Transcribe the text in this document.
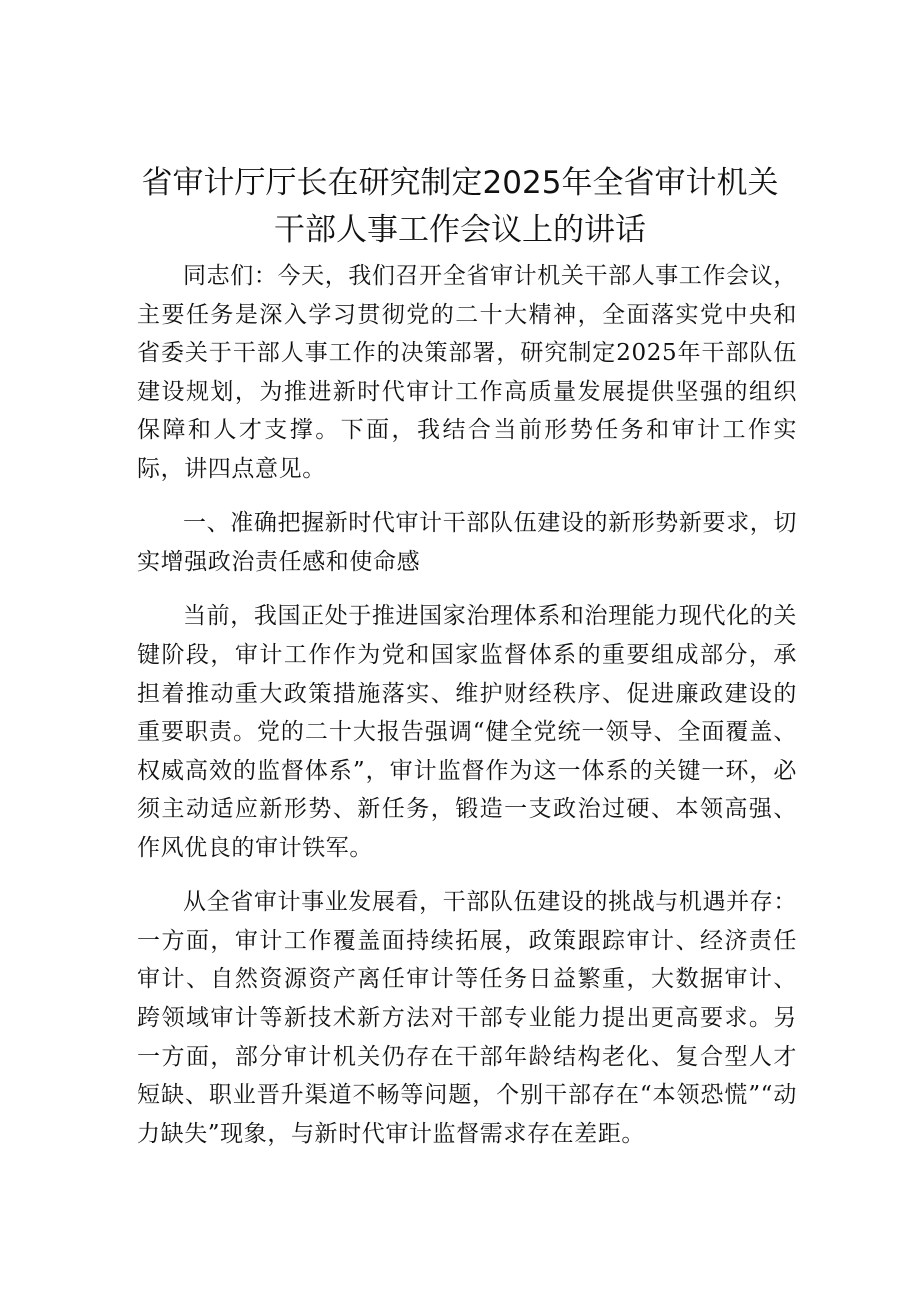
省审计厅厅长在研究制定2025年全省审计机关
干部人事工作会议上的讲话

同志们：今天，我们召开全省审计机关干部人事工作会议，主要任务是深入学习贯彻党的二十大精神，全面落实党中央和省委关于干部人事工作的决策部署，研究制定2025年干部队伍建设规划，为推进新时代审计工作高质量发展提供坚强的组织保障和人才支撑。下面，我结合当前形势任务和审计工作实际，讲四点意见。

一、准确把握新时代审计干部队伍建设的新形势新要求，切实增强政治责任感和使命感

当前，我国正处于推进国家治理体系和治理能力现代化的关键阶段，审计工作作为党和国家监督体系的重要组成部分，承担着推动重大政策措施落实、维护财经秩序、促进廉政建设的重要职责。党的二十大报告强调“健全党统一领导、全面覆盖、权威高效的监督体系”，审计监督作为这一体系的关键一环，必须主动适应新形势、新任务，锻造一支政治过硬、本领高强、作风优良的审计铁军。

从全省审计事业发展看，干部队伍建设的挑战与机遇并存：一方面，审计工作覆盖面持续拓展，政策跟踪审计、经济责任审计、自然资源资产离任审计等任务日益繁重，大数据审计、跨领域审计等新技术新方法对干部专业能力提出更高要求。另一方面，部分审计机关仍存在干部年龄结构老化、复合型人才短缺、职业晋升渠道不畅等问题，个别干部存在“本领恐慌”“动力缺失”现象，与新时代审计监督需求存在差距。
